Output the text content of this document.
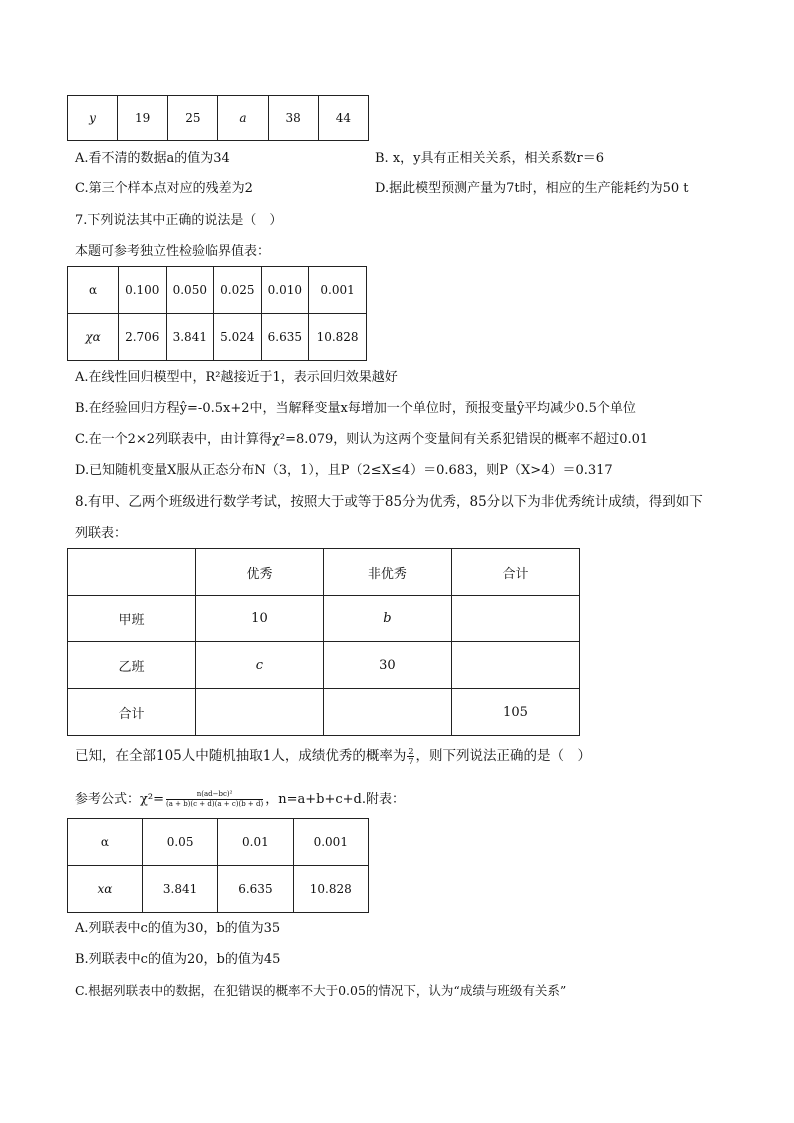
y	19	25	a	38	44
A.看不清的数据a的值为34	B. x，y具有正相关关系，相关系数r＝6
C.第三个样本点对应的残差为2	D.据此模型预测产量为7t时，相应的生产能耗约为50 t
7.下列说法其中正确的说法是（　）
本题可参考独立性检验临界值表：
α	0.100	0.050	0.025	0.010	0.001
χα	2.706	3.841	5.024	6.635	10.828
A.在线性回归模型中，R²越接近于1，表示回归效果越好
B.在经验回归方程ŷ=-0.5x+2中，当解释变量x每增加一个单位时，预报变量ŷ平均减少0.5个单位
C.在一个2×2列联表中，由计算得χ²=8.079，则认为这两个变量间有关系犯错误的概率不超过0.01
D.已知随机变量X服从正态分布N（3，1），且P（2≤X≤4）＝0.683，则P（X>4）＝0.317
8.有甲、乙两个班级进行数学考试，按照大于或等于85分为优秀，85分以下为非优秀统计成绩，得到如下
列联表：
	优秀	非优秀	合计
甲班	10	b	
乙班	c	30	
合计			105
已知，在全部105人中随机抽取1人，成绩优秀的概率为 $\frac{2}{7}$ ，则下列说法正确的是（　）
参考公式：$\chi^2= \frac{\text{n(ad−bc)²}}{(a + b)(c + d)(a + c)(b + d)}$ ，n=a+b+c+d.附表：
α	0.05	0.01	0.001
xα	3.841	6.635	10.828
A.列联表中c的值为30，b的值为35
B.列联表中c的值为20，b的值为45
C.根据列联表中的数据，在犯错误的概率不大于0.05的情况下，认为“成绩与班级有关系”
